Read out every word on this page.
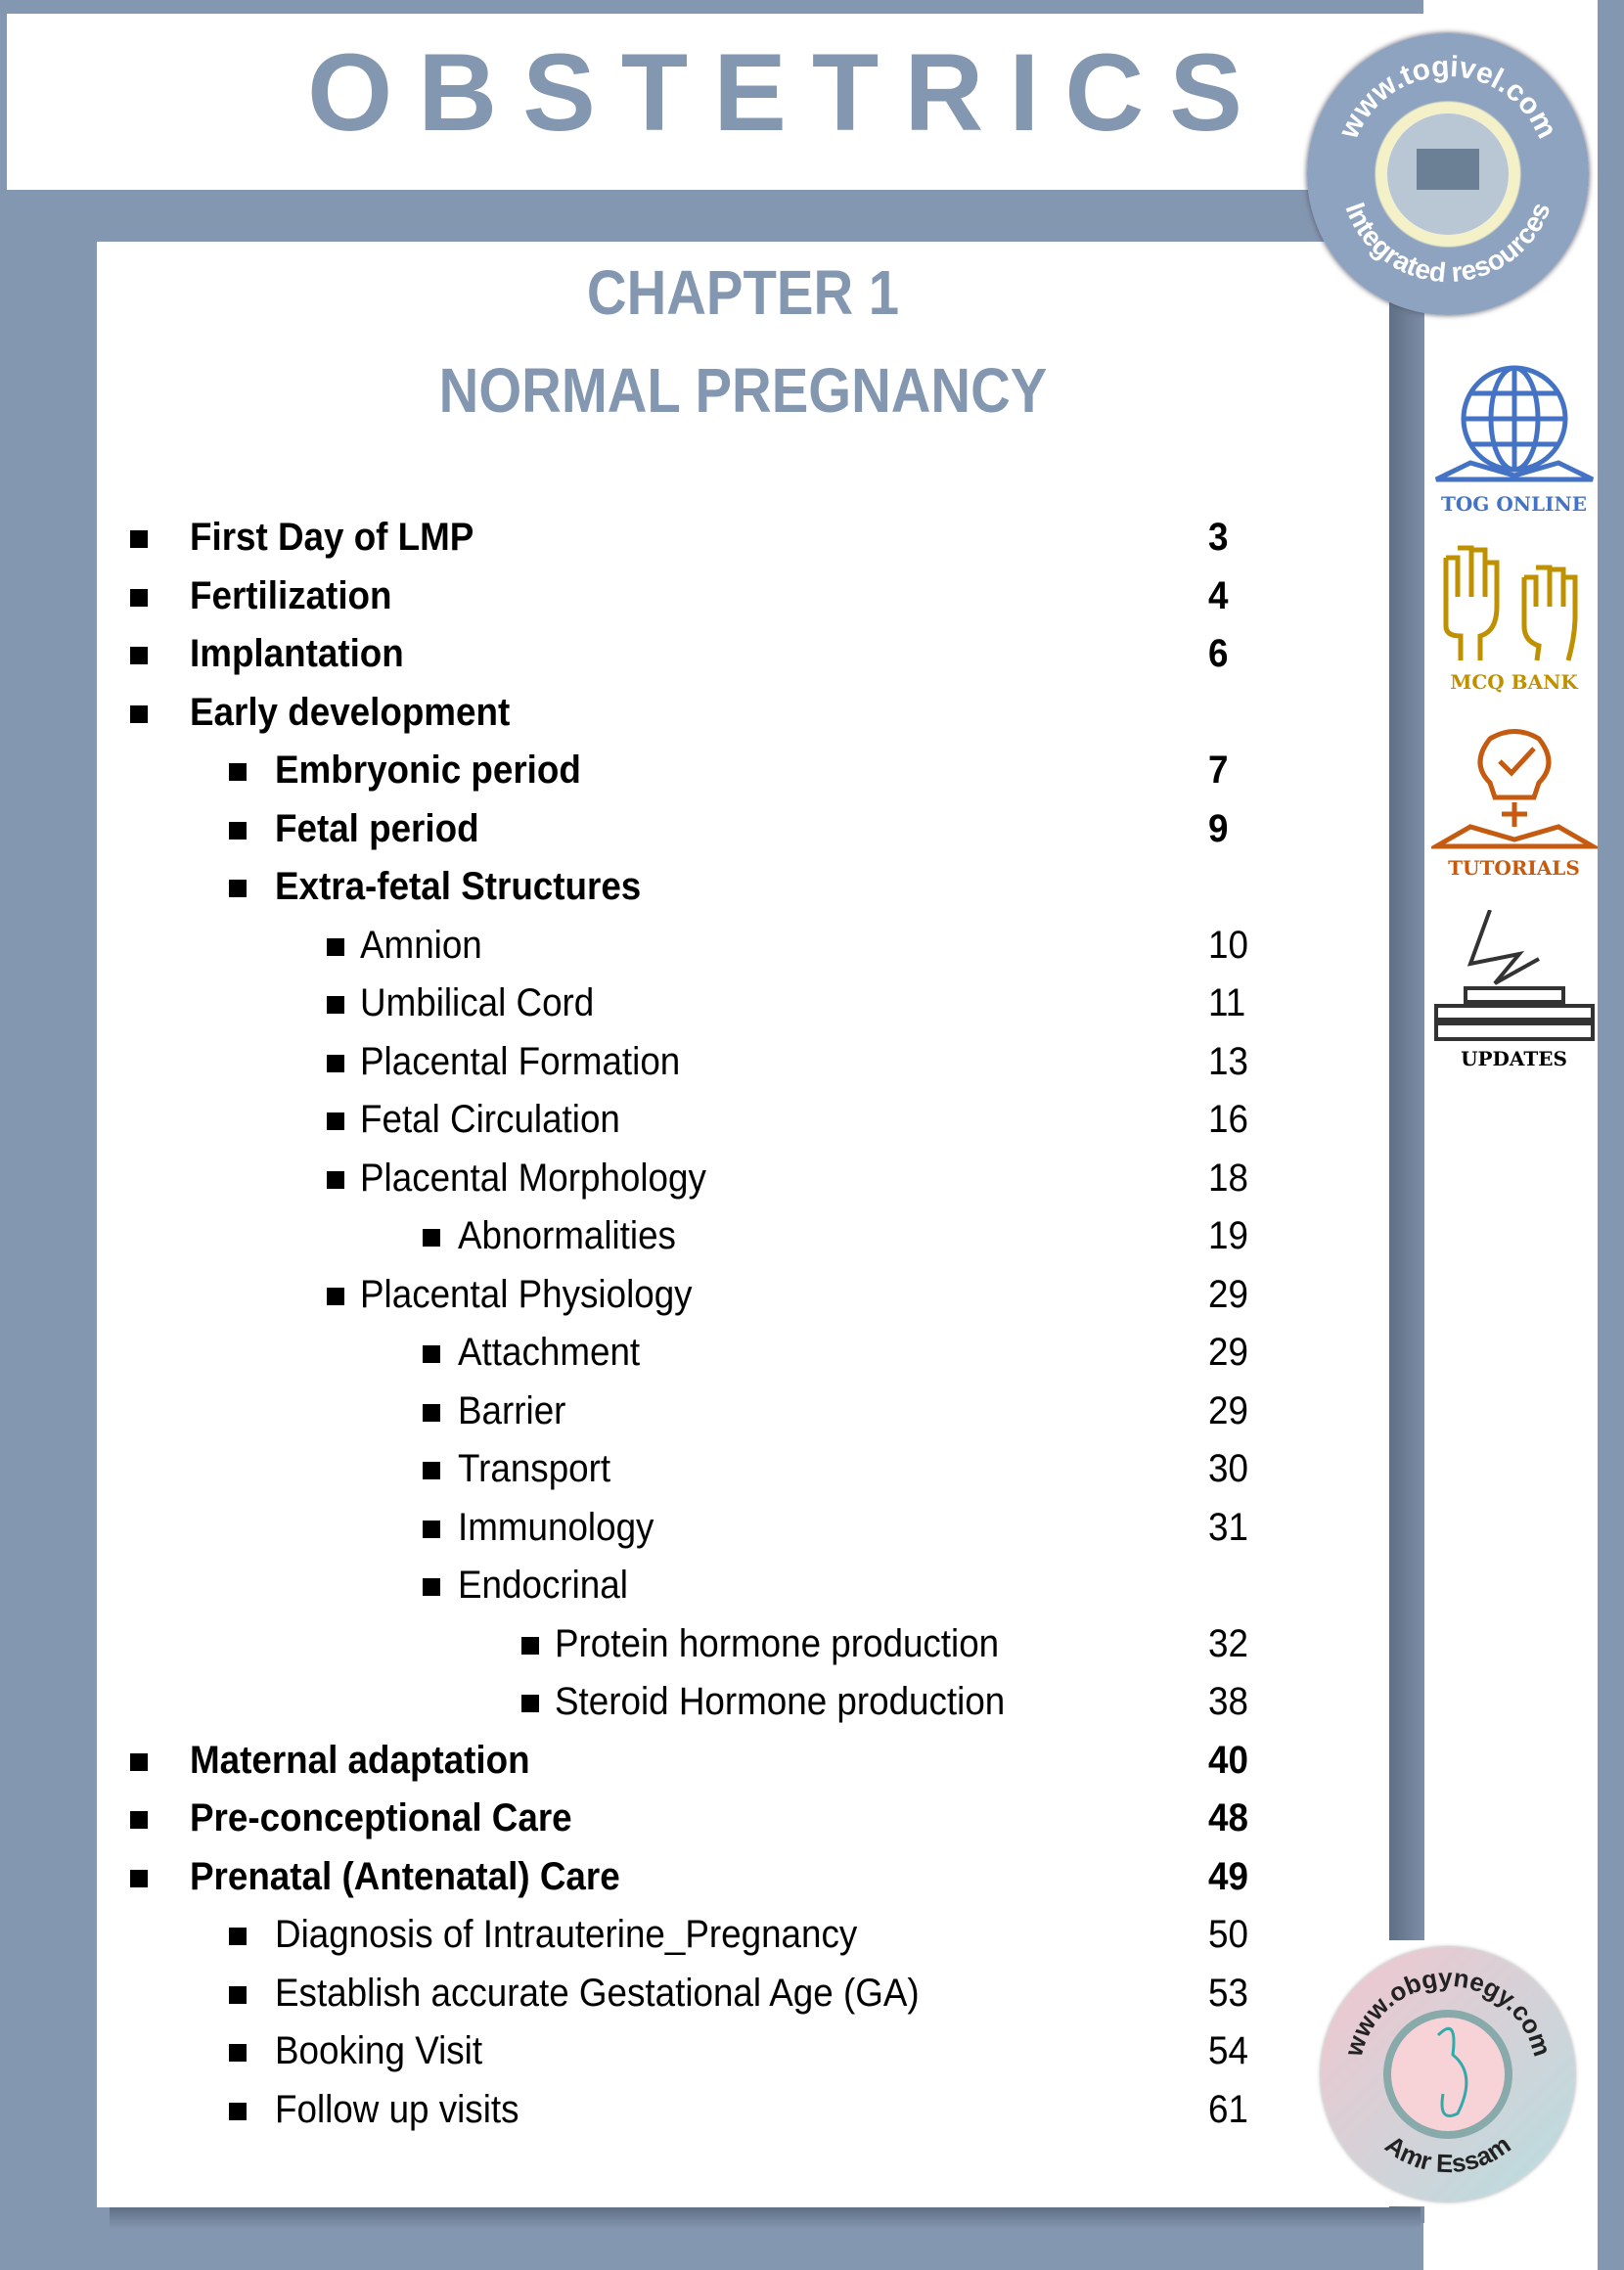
OBSTETRICS
CHAPTER 1
NORMAL PREGNANCY
First Day of LMP	3
Fertilization	4
Implantation	6
Early development
Embryonic period	7
Fetal period	9
Extra-fetal Structures
Amnion	10
Umbilical Cord	11
Placental Formation	13
Fetal Circulation	16
Placental Morphology	18
Abnormalities	19
Placental Physiology	29
Attachment	29
Barrier	29
Transport	30
Immunology	31
Endocrinal
Protein hormone production	32
Steroid Hormone production	38
Maternal adaptation	40
Pre-conceptional Care	48
Prenatal (Antenatal) Care	49
Diagnosis of Intrauterine_Pregnancy	50
Establish accurate Gestational Age (GA)	53
Booking Visit	54
Follow up visits	61
www.togivel.com
Integrated resources
TOG ONLINE
MCQ BANK
TUTORIALS
UPDATES
www.obgynegy.com
Amr Essam
